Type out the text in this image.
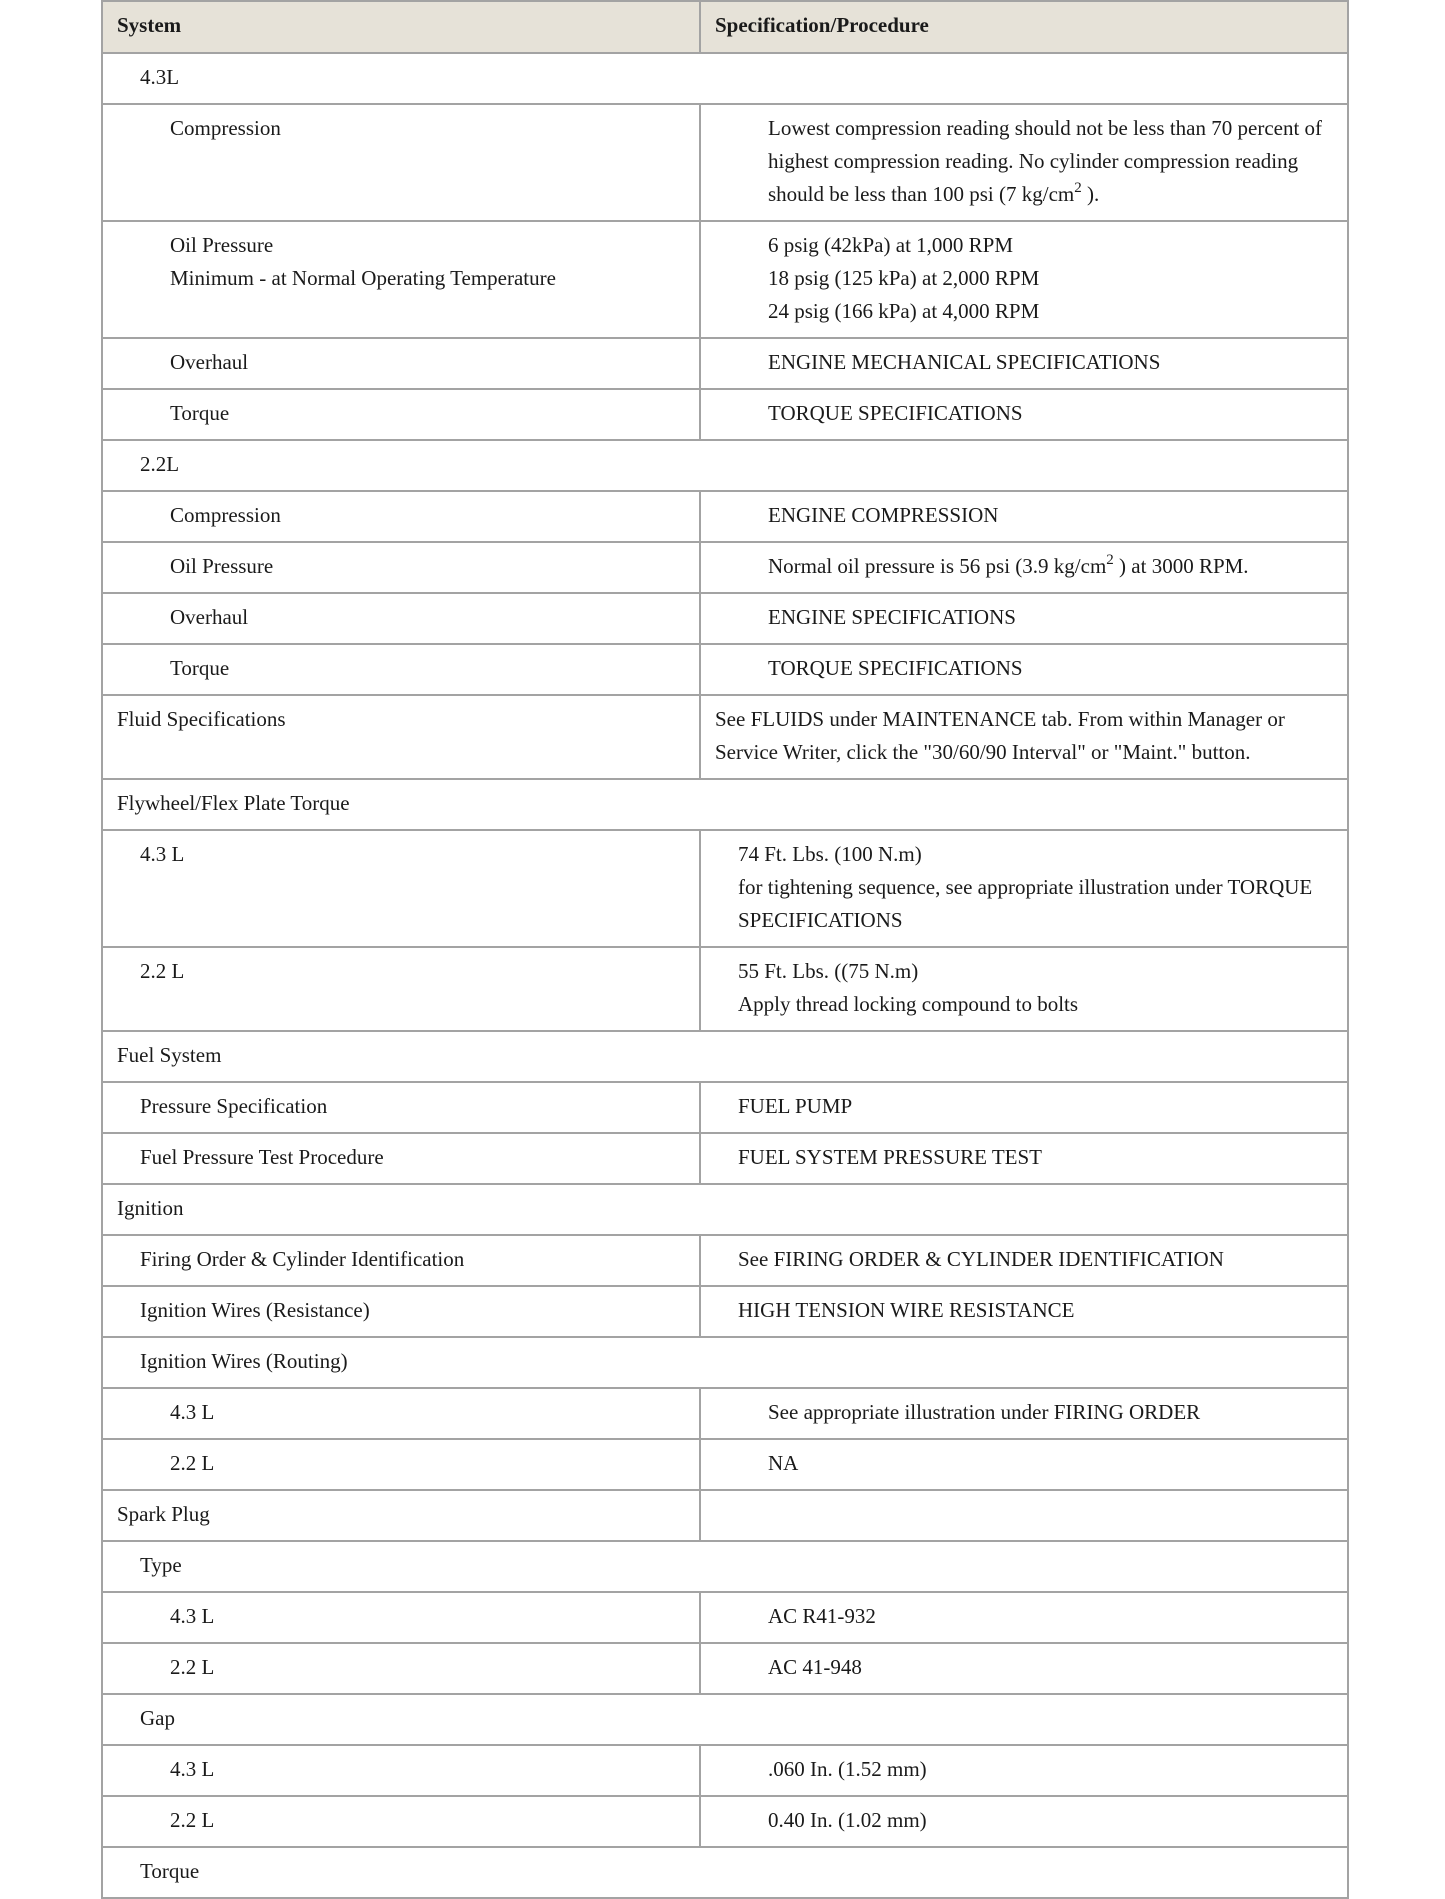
System	Specification/Procedure
4.3L	
Compression	Lowest compression reading should not be less than 70 percent of highest compression reading. No cylinder compression reading should be less than 100 psi (7 $kg/cm^2$ ).

Oil Pressure
Minimum - at Normal Operating Temperature	6 psig (42kPa) at 1,000 RPM
18 psig (125 kPa) at 2,000 RPM
24 psig (166 kPa) at 4,000 RPM

Overhaul	ENGINE MECHANICAL SPECIFICATIONS
Torque	TORQUE SPECIFICATIONS
2.2L	
Compression	ENGINE COMPRESSION
Oil Pressure	Normal oil pressure is 56 psi (3.9 $kg/cm^2$ ) at 3000 RPM.
Overhaul	ENGINE SPECIFICATIONS
Torque	TORQUE SPECIFICATIONS
Fluid Specifications	See FLUIDS under MAINTENANCE tab. From within Manager or Service Writer, click the "30/60/90 Interval" or "Maint." button.
Flywheel/Flex Plate Torque	
4.3 L	74 Ft. Lbs. (100 N.m)
for tightening sequence, see appropriate illustration under TORQUE SPECIFICATIONS

2.2 L	55 Ft. Lbs. ((75 N.m)
Apply thread locking compound to bolts

Fuel System	
Pressure Specification	FUEL PUMP
Fuel Pressure Test Procedure	FUEL SYSTEM PRESSURE TEST
Ignition	
Firing Order & Cylinder Identification	See FIRING ORDER & CYLINDER IDENTIFICATION
Ignition Wires (Resistance)	HIGH TENSION WIRE RESISTANCE
Ignition Wires (Routing)	
4.3 L	See appropriate illustration under FIRING ORDER
2.2 L	NA
Spark Plug	
Type	
4.3 L	AC R41-932
2.2 L	AC 41-948
Gap	
4.3 L	.060 In. (1.52 mm)
2.2 L	0.40 In. (1.02 mm)
Torque	
